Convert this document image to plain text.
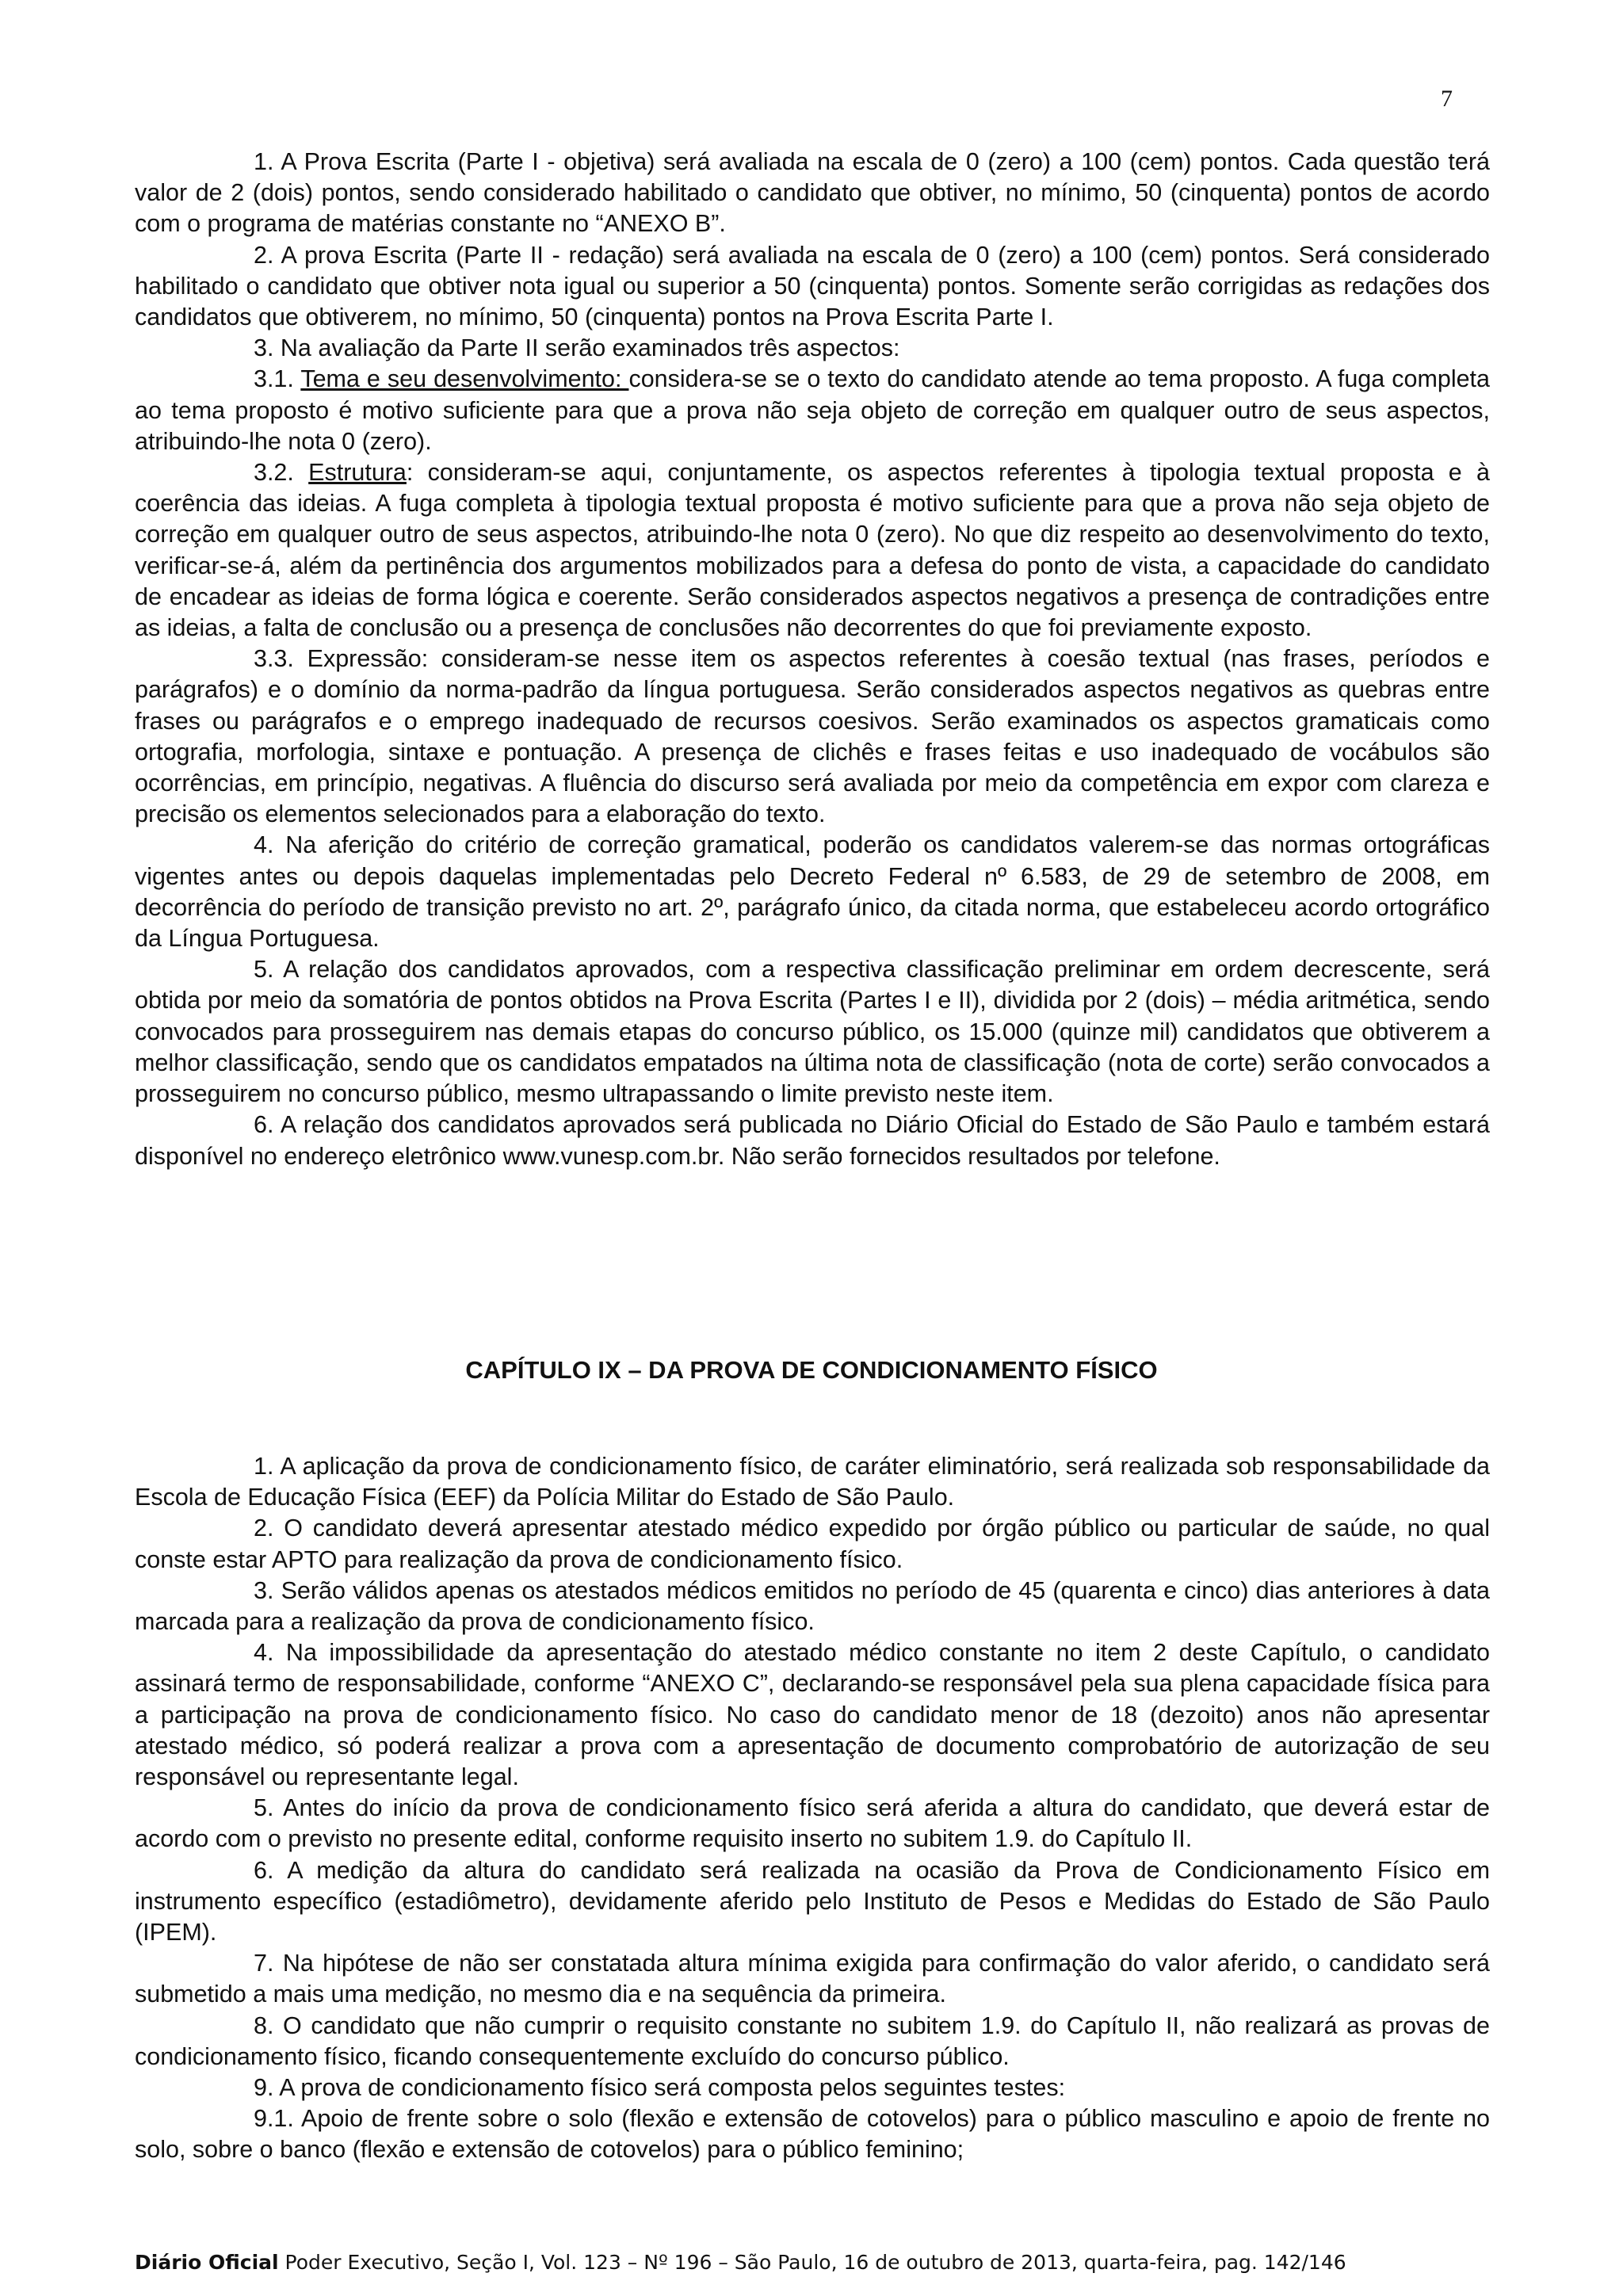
7

1. A Prova Escrita (Parte I - objetiva) será avaliada na escala de 0 (zero) a 100 (cem) pontos. Cada questão terá valor de 2 (dois) pontos, sendo considerado habilitado o candidato que obtiver, no mínimo, 50 (cinquenta) pontos de acordo com o programa de matérias constante no “ANEXO B”.

2. A prova Escrita (Parte II - redação) será avaliada na escala de 0 (zero) a 100 (cem) pontos. Será considerado habilitado o candidato que obtiver nota igual ou superior a 50 (cinquenta) pontos. Somente serão corrigidas as redações dos candidatos que obtiverem, no mínimo, 50 (cinquenta) pontos na Prova Escrita Parte I.

3. Na avaliação da Parte II serão examinados três aspectos:

3.1. Tema e seu desenvolvimento: considera-se se o texto do candidato atende ao tema proposto. A fuga completa ao tema proposto é motivo suficiente para que a prova não seja objeto de correção em qualquer outro de seus aspectos, atribuindo-lhe nota 0 (zero).

3.2. Estrutura: consideram-se aqui, conjuntamente, os aspectos referentes à tipologia textual proposta e à coerência das ideias. A fuga completa à tipologia textual proposta é motivo suficiente para que a prova não seja objeto de correção em qualquer outro de seus aspectos, atribuindo-lhe nota 0 (zero). No que diz respeito ao desenvolvimento do texto, verificar-se-á, além da pertinência dos argumentos mobilizados para a defesa do ponto de vista, a capacidade do candidato de encadear as ideias de forma lógica e coerente. Serão considerados aspectos negativos a presença de contradições entre as ideias, a falta de conclusão ou a presença de conclusões não decorrentes do que foi previamente exposto.

3.3. Expressão: consideram-se nesse item os aspectos referentes à coesão textual (nas frases, períodos e parágrafos) e o domínio da norma-padrão da língua portuguesa. Serão considerados aspectos negativos as quebras entre frases ou parágrafos e o emprego inadequado de recursos coesivos. Serão examinados os aspectos gramaticais como ortografia, morfologia, sintaxe e pontuação. A presença de clichês e frases feitas e uso inadequado de vocábulos são ocorrências, em princípio, negativas. A fluência do discurso será avaliada por meio da competência em expor com clareza e precisão os elementos selecionados para a elaboração do texto.

4. Na aferição do critério de correção gramatical, poderão os candidatos valerem-se das normas ortográficas vigentes antes ou depois daquelas implementadas pelo Decreto Federal nº 6.583, de 29 de setembro de 2008, em decorrência do período de transição previsto no art. 2º, parágrafo único, da citada norma, que estabeleceu acordo ortográfico da Língua Portuguesa.

5. A relação dos candidatos aprovados, com a respectiva classificação preliminar em ordem decrescente, será obtida por meio da somatória de pontos obtidos na Prova Escrita (Partes I e II), dividida por 2 (dois) – média aritmética, sendo convocados para prosseguirem nas demais etapas do concurso público, os 15.000 (quinze mil) candidatos que obtiverem a melhor classificação, sendo que os candidatos empatados na última nota de classificação (nota de corte) serão convocados a prosseguirem no concurso público, mesmo ultrapassando o limite previsto neste item.

6. A relação dos candidatos aprovados será publicada no Diário Oficial do Estado de São Paulo e também estará disponível no endereço eletrônico www.vunesp.com.br. Não serão fornecidos resultados por telefone.

CAPÍTULO IX – DA PROVA DE CONDICIONAMENTO FÍSICO

1. A aplicação da prova de condicionamento físico, de caráter eliminatório, será realizada sob responsabilidade da Escola de Educação Física (EEF) da Polícia Militar do Estado de São Paulo.

2. O candidato deverá apresentar atestado médico expedido por órgão público ou particular de saúde, no qual conste estar APTO para realização da prova de condicionamento físico.

3. Serão válidos apenas os atestados médicos emitidos no período de 45 (quarenta e cinco) dias anteriores à data marcada para a realização da prova de condicionamento físico.

4. Na impossibilidade da apresentação do atestado médico constante no item 2 deste Capítulo, o candidato assinará termo de responsabilidade, conforme “ANEXO C”, declarando-se responsável pela sua plena capacidade física para a participação na prova de condicionamento físico. No caso do candidato menor de 18 (dezoito) anos não apresentar atestado médico, só poderá realizar a prova com a apresentação de documento comprobatório de autorização de seu responsável ou representante legal.

5. Antes do início da prova de condicionamento físico será aferida a altura do candidato, que deverá estar de acordo com o previsto no presente edital, conforme requisito inserto no subitem 1.9. do Capítulo II.

6. A medição da altura do candidato será realizada na ocasião da Prova de Condicionamento Físico em instrumento específico (estadiômetro), devidamente aferido pelo Instituto de Pesos e Medidas do Estado de São Paulo (IPEM).

7. Na hipótese de não ser constatada altura mínima exigida para confirmação do valor aferido, o candidato será submetido a mais uma medição, no mesmo dia e na sequência da primeira.

8. O candidato que não cumprir o requisito constante no subitem 1.9. do Capítulo II, não realizará as provas de condicionamento físico, ficando consequentemente excluído do concurso público.

9. A prova de condicionamento físico será composta pelos seguintes testes:

9.1. Apoio de frente sobre o solo (flexão e extensão de cotovelos) para o público masculino e apoio de frente no solo, sobre o banco (flexão e extensão de cotovelos) para o público feminino;

Diário Oficial Poder Executivo, Seção I, Vol. 123 – Nº 196 – São Paulo, 16 de outubro de 2013, quarta-feira, pag. 142/146
